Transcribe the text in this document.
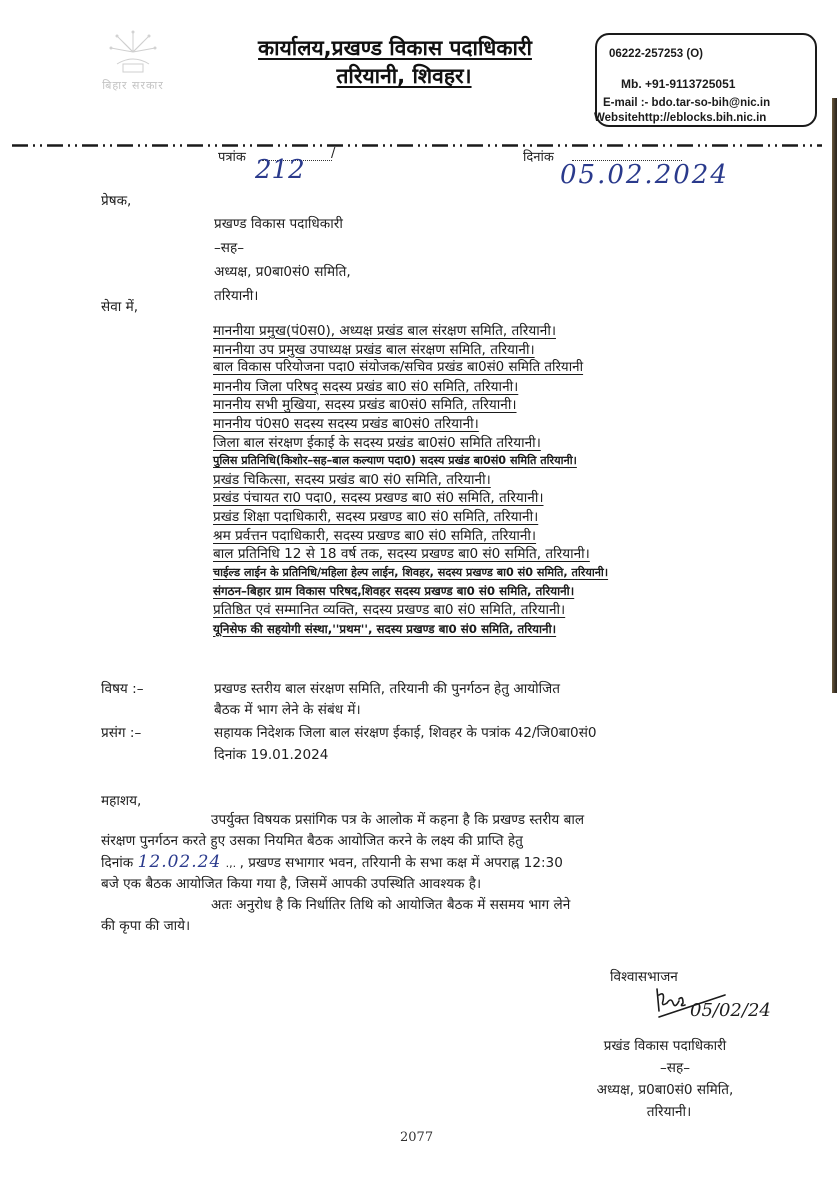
बिहार सरकार
कार्यालय,प्रखण्ड विकास पदाधिकारी
तरियानी, शिवहर।
06222-257253 (O)
Mb. +91-9113725051
E-mail :- bdo.tar-so-bih@nic.in
Websitehttp://eblocks.bih.nic.in
पत्रांक	/
212	दिनांक
05.02.2024
प्रेषक,
प्रखण्ड विकास पदाधिकारी
–सह–
अध्यक्ष, प्र0बा0सं0 समिति,
तरियानी।
सेवा में,
माननीया प्रमुख(पं0स0), अध्यक्ष प्रखंड बाल संरक्षण समिति, तरियानी।
माननीया उप प्रमुख उपाध्यक्ष प्रखंड बाल संरक्षण समिति, तरियानी।
बाल विकास परियोजना पदा0 संयोजक/सचिव प्रखंड बा0सं0 समिति तरियानी
माननीय जिला परिषद् सदस्य प्रखंड बा0 सं0 समिति, तरियानी।
माननीय सभी मुखिया, सदस्य प्रखंड बा0सं0 समिति, तरियानी।
माननीय पं0स0 सदस्य सदस्य प्रखंड बा0सं0 तरियानी।
जिला बाल संरक्षण ईकाई के सदस्य प्रखंड बा0सं0 समिति तरियानी।
पुलिस प्रतिनिधि(किशोर–सह–बाल कल्याण पदा0) सदस्य प्रखंड बा0सं0 समिति तरियानी।
प्रखंड चिकित्सा, सदस्य प्रखंड बा0 सं0 समिति, तरियानी।
प्रखंड पंचायत रा0 पदा0, सदस्य प्रखण्ड बा0 सं0 समिति, तरियानी।
प्रखंड शिक्षा पदाधिकारी, सदस्य प्रखण्ड बा0 सं0 समिति, तरियानी।
श्रम प्रर्वत्तन पदाधिकारी, सदस्य प्रखण्ड बा0 सं0 समिति, तरियानी।
बाल प्रतिनिधि 12 से 18 वर्ष तक, सदस्य प्रखण्ड बा0 सं0 समिति, तरियानी।
चाईल्ड लाईन के प्रतिनिधि/महिला हेल्प लाईन, शिवहर, सदस्य प्रखण्ड बा0 सं0 समिति, तरियानी।
संगठन–बिहार ग्राम विकास परिषद,शिवहर सदस्य प्रखण्ड बा0 सं0 समिति, तरियानी।
प्रतिष्ठित एवं सम्मानित व्यक्ति, सदस्य प्रखण्ड बा0 सं0 समिति, तरियानी।
यूनिसेफ की सहयोगी संस्था,''प्रथम'', सदस्य प्रखण्ड बा0 सं0 समिति, तरियानी।
विषय :–	प्रखण्ड स्तरीय बाल संरक्षण समिति, तरियानी की पुनर्गठन हेतु आयोजित
बैठक में भाग लेने के संबंध में।
प्रसंग :–	सहायक निदेशक जिला बाल संरक्षण ईकाई, शिवहर के पत्रांक 42/जि0बा0सं0
दिनांक 19.01.2024
महाशय,
उपर्युक्त विषयक प्रसांगिक पत्र के आलोक में कहना है कि प्रखण्ड स्तरीय बाल
संरक्षण पुनर्गठन करते हुए उसका नियमित बैठक आयोजित करने के लक्ष्य की प्राप्ति हेतु
दिनांक 12.02.24 .,. , प्रखण्ड सभागार भवन, तरियानी के सभा कक्ष में अपराह्न 12:30
बजे एक बैठक आयोजित किया गया है, जिसमें आपकी उपस्थिति आवश्यक है।
अतः अनुरोध है कि निर्धातिर तिथि को आयोजित बैठक में ससमय भाग लेने
की कृपा की जाये।
विश्वासभाजन
05/02/24
प्रखंड विकास पदाधिकारी
–सह–
अध्यक्ष, प्र0बा0सं0 समिति,
तरियानी।
2077
